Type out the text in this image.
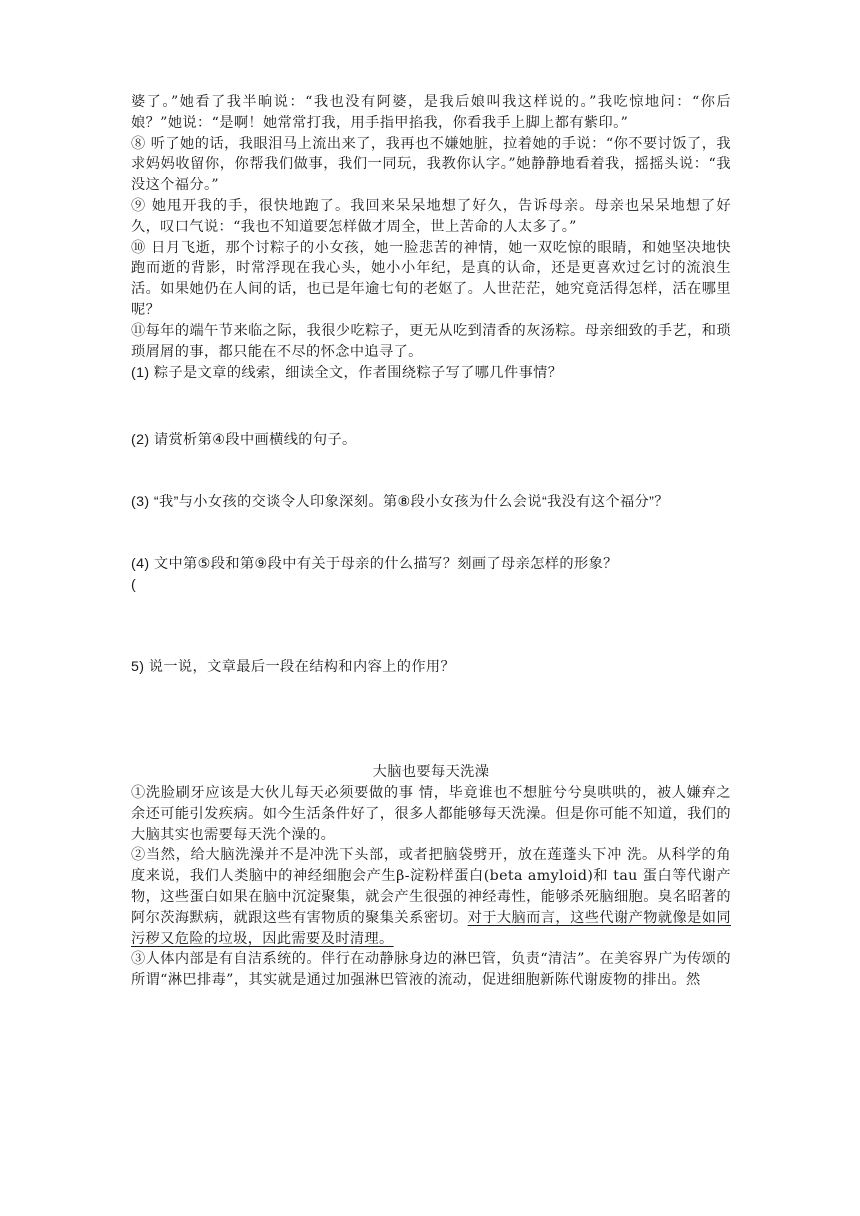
婆了。”她看了我半晌说：“我也没有阿婆，是我后娘叫我这样说的。”我吃惊地问：“你后娘？”她说：“是啊！她常常打我，用手指甲掐我，你看我手上脚上都有紫印。”

⑧ 听了她的话，我眼泪马上流出来了，我再也不嫌她脏，拉着她的手说：“你不要讨饭了，我求妈妈收留你，你帮我们做事，我们一同玩，我教你认字。”她静静地看着我，摇摇头说：“我没这个福分。”

⑨ 她甩开我的手，很快地跑了。我回来呆呆地想了好久，告诉母亲。母亲也呆呆地想了好久，叹口气说：“我也不知道要怎样做才周全，世上苦命的人太多了。”

⑩ 日月飞逝，那个讨粽子的小女孩，她一脸悲苦的神情，她一双吃惊的眼睛，和她坚决地快跑而逝的背影，时常浮现在我心头，她小小年纪，是真的认命，还是更喜欢过乞讨的流浪生活。如果她仍在人间的话，也已是年逾七旬的老妪了。人世茫茫，她究竟活得怎样，活在哪里呢？

⑪每年的端午节来临之际，我很少吃粽子，更无从吃到清香的灰汤粽。母亲细致的手艺，和琐琐屑屑的事，都只能在不尽的怀念中追寻了。

(1) 粽子是文章的线索，细读全文，作者围绕粽子写了哪几件事情？

(2) 请赏析第④段中画横线的句子。

(3) “我”与小女孩的交谈令人印象深刻。第⑧段小女孩为什么会说“我没有这个福分”？

(4) 文中第⑤段和第⑨段中有关于母亲的什么描写？刻画了母亲怎样的形象？

(

5) 说一说，文章最后一段在结构和内容上的作用？

大脑也要每天洗澡

①洗脸刷牙应该是大伙儿每天必须要做的事 情，毕竟谁也不想脏兮兮臭哄哄的，被人嫌弃之余还可能引发疾病。如今生活条件好了，很多人都能够每天洗澡。但是你可能不知道，我们的大脑其实也需要每天洗个澡的。

②当然，给大脑洗澡并不是冲洗下头部，或者把脑袋劈开，放在莲蓬头下冲 洗。从科学的角度来说，我们人类脑中的神经细胞会产生β-淀粉样蛋白(beta amyloid)和 tau 蛋白等代谢产物，这些蛋白如果在脑中沉淀聚集，就会产生很强的神经毒性，能够杀死脑细胞。臭名昭著的阿尔茨海默病，就跟这些有害物质的聚集关系密切。对于大脑而言，这些代谢产物就像是如同污秽又危险的垃圾，因此需要及时清理。

③人体内部是有自洁系统的。伴行在动静脉身边的淋巴管，负责“清洁”。在美容界广为传颂的所谓“淋巴排毒”，其实就是通过加强淋巴管液的流动，促进细胞新陈代谢废物的排出。然
